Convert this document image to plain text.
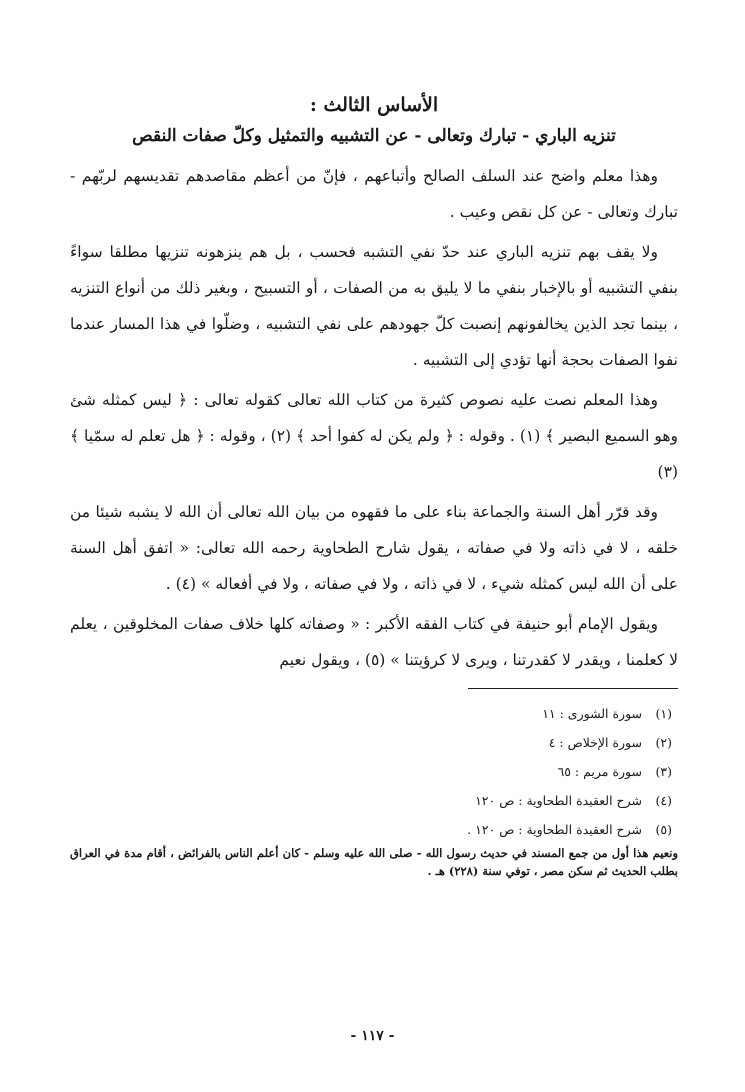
الأساس الثالث :

تنزيه الباري - تبارك وتعالى - عن التشبيه والتمثيل وكلّ صفات النقص

وهذا معلم واضح عند السلف الصالح وأتباعهم ، فإنّ من أعظم مقاصدهم تقديسهم لربّهم - تبارك وتعالى - عن كل نقص وعيب .

ولا يقف بهم تنزيه الباري عند حدّ نفي التشبه فحسب ، بل هم ينزهونه تنزيها مطلقا سواءً بنفي التشبيه أو بالإخبار بنفي ما لا يليق به من الصفات ، أو التسبيح ، وبغير ذلك من أنواع التنزيه ، بينما تجد الذين يخالفونهم إنصبت كلّ جهودهم على نفي التشبيه ، وضلّوا في هذا المسار عندما نفوا الصفات بحجة أنها تؤدي إلى التشبيه .

وهذا المعلم نصت عليه نصوص كثيرة من كتاب الله تعالى كقوله تعالى : ﴿ ليس كمثله شئ وهو السميع البصير ﴾ (١) . وقوله : ﴿ ولم يكن له كفوا أحد ﴾ (٢) ، وقوله : ﴿ هل تعلم له سمّيا ﴾ (٣)

وقد قرّر أهل السنة والجماعة بناء على ما فقهوه من بيان الله تعالى أن الله لا يشبه شيئا من خلقه ، لا في ذاته ولا في صفاته ، يقول شارح الطحاوية رحمه الله تعالى: « اتفق أهل السنة على أن الله ليس كمثله شيء ، لا في ذاته ، ولا في صفاته ، ولا في أفعاله » (٤) .

ويقول الإمام أبو حنيفة في كتاب الفقه الأكبر : « وصفاته كلها خلاف صفات المخلوقين ، يعلم لا كعلمنا ، ويقدر لا كقدرتنا ، ويرى لا كرؤيتنا » (٥) ، ويقول نعيم

(١)سورة الشورى : ١١

(٢)سورة الإخلاص : ٤

(٣)سورة مريم : ٦٥

(٤)شرح العقيدة الطحاوية : ص ١٢٠

(٥)شرح العقيدة الطحاوية : ص ١٢٠ .

ونعيم هذا أول من جمع المسند في حديث رسول الله - صلى الله عليه وسلم - كان أعلم الناس بالفرائض ، أقام مدة في العراق بطلب الحديث ثم سكن مصر ، توفي سنة (٢٢٨) هـ .

- ١١٧ -
